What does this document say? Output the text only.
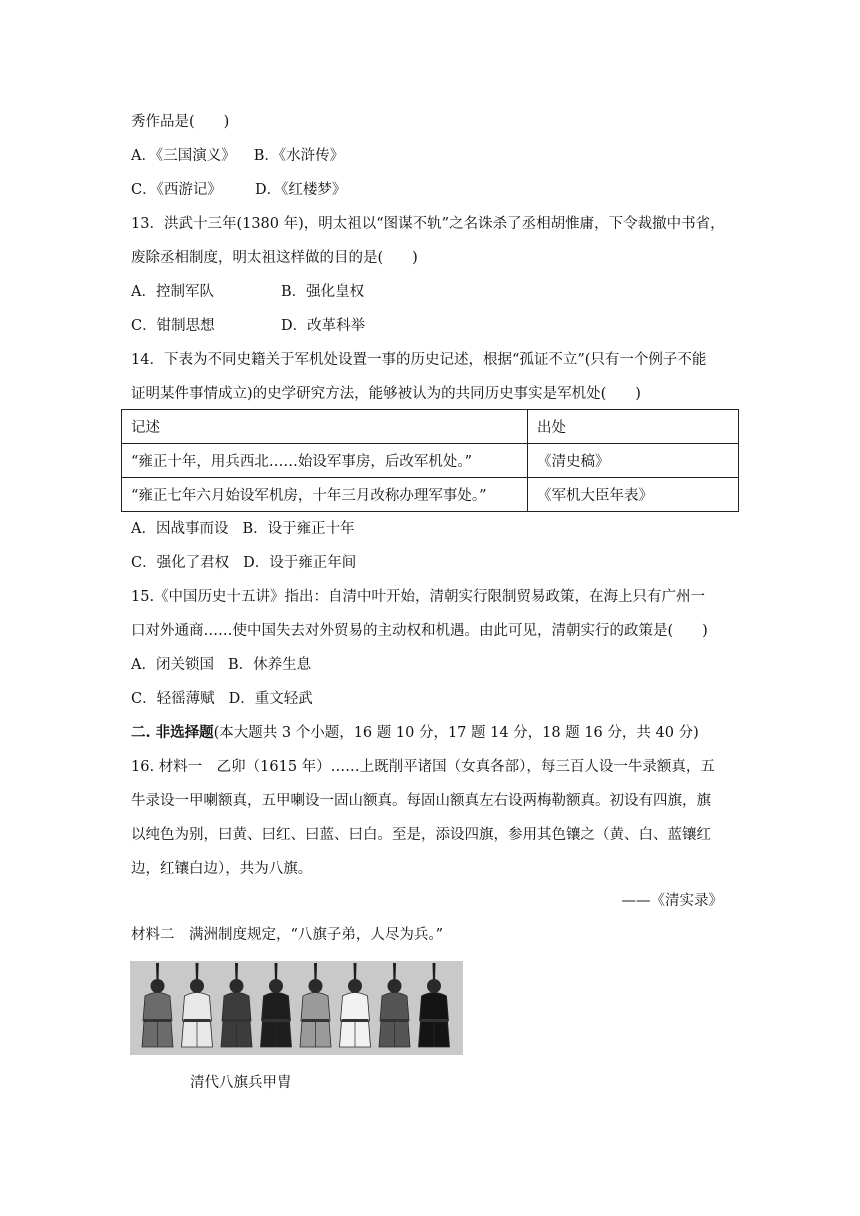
秀作品是(　　)
A．《三国演义》 B．《水浒传》
C．《西游记》 D．《红楼梦》
13．洪武十三年(1380 年)，明太祖以“图谋不轨”之名诛杀了丞相胡惟庸，下令裁撤中书省，
废除丞相制度，明太祖这样做的目的是(　　)
A．控制军队	B．强化皇权
C．钳制思想	D．改革科举
14．下表为不同史籍关于军机处设置一事的历史记述，根据“孤证不立”(只有一个例子不能
证明某件事情成立)的史学研究方法，能够被认为的共同历史事实是军机处(　　)
记述	出处
“雍正十年，用兵西北……始设军事房，后改军机处。”	《清史稿》
“雍正七年六月始设军机房，十年三月改称办理军事处。”	《军机大臣年表》
A．因战事而设 B．设于雍正十年
C．强化了君权 D．设于雍正年间
15.《中国历史十五讲》指出：自清中叶开始，清朝实行限制贸易政策，在海上只有广州一
口对外通商……使中国失去对外贸易的主动权和机遇。由此可见，清朝实行的政策是(　　)
A．闭关锁国 B．休养生息
C．轻徭薄赋 D．重文轻武
二. 非选择题(本大题共 3 个小题，16 题 10 分，17 题 14 分，18 题 16 分，共 40 分)
16. 材料一　乙卯（1615 年）……上既削平诸国（女真各部），每三百人设一牛录额真，五
牛录设一甲喇额真，五甲喇设一固山额真。每固山额真左右设两梅勒额真。初设有四旗，旗
以纯色为别，曰黄、曰红、曰蓝、曰白。至是，添设四旗，参用其色镶之（黄、白、蓝镶红
边，红镶白边），共为八旗。
——《清实录》
材料二　满洲制度规定，“八旗子弟，人尽为兵。”
清代八旗兵甲胄
